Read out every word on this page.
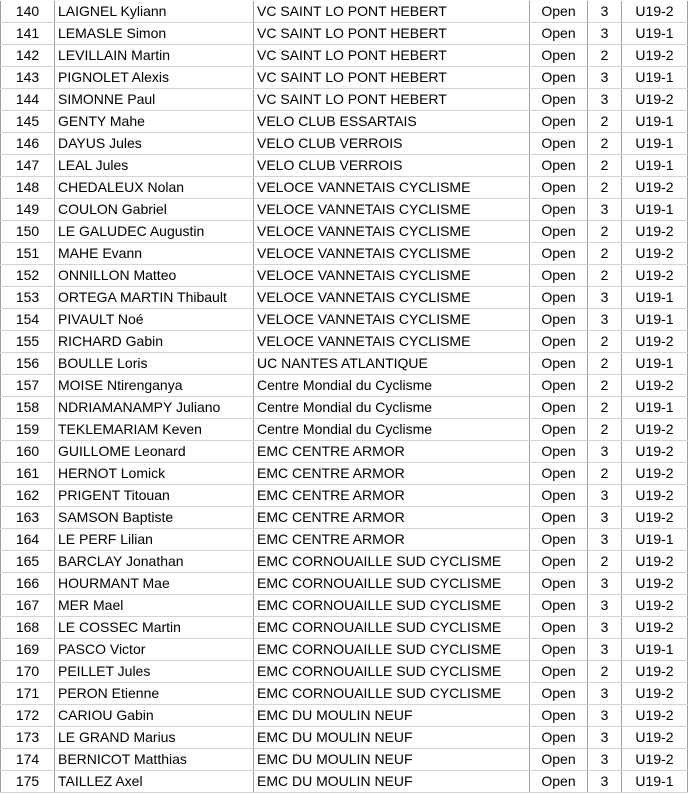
140	LAIGNEL Kyliann	VC SAINT LO PONT HEBERT	Open	3	U19-2
141	LEMASLE Simon	VC SAINT LO PONT HEBERT	Open	3	U19-1
142	LEVILLAIN Martin	VC SAINT LO PONT HEBERT	Open	2	U19-2
143	PIGNOLET Alexis	VC SAINT LO PONT HEBERT	Open	3	U19-1
144	SIMONNE Paul	VC SAINT LO PONT HEBERT	Open	3	U19-2
145	GENTY Mahe	VELO CLUB ESSARTAIS	Open	2	U19-1
146	DAYUS Jules	VELO CLUB VERROIS	Open	2	U19-1
147	LEAL Jules	VELO CLUB VERROIS	Open	2	U19-1
148	CHEDALEUX Nolan	VELOCE VANNETAIS CYCLISME	Open	2	U19-2
149	COULON Gabriel	VELOCE VANNETAIS CYCLISME	Open	3	U19-1
150	LE GALUDEC Augustin	VELOCE VANNETAIS CYCLISME	Open	2	U19-2
151	MAHE Evann	VELOCE VANNETAIS CYCLISME	Open	2	U19-2
152	ONNILLON Matteo	VELOCE VANNETAIS CYCLISME	Open	2	U19-2
153	ORTEGA MARTIN Thibault	VELOCE VANNETAIS CYCLISME	Open	3	U19-1
154	PIVAULT Noé	VELOCE VANNETAIS CYCLISME	Open	3	U19-1
155	RICHARD Gabin	VELOCE VANNETAIS CYCLISME	Open	2	U19-2
156	BOULLE Loris	UC NANTES ATLANTIQUE	Open	2	U19-1
157	MOISE Ntirenganya	Centre Mondial du Cyclisme	Open	2	U19-2
158	NDRIAMANAMPY Juliano	Centre Mondial du Cyclisme	Open	2	U19-1
159	TEKLEMARIAM Keven	Centre Mondial du Cyclisme	Open	2	U19-2
160	GUILLOME Leonard	EMC CENTRE ARMOR	Open	3	U19-2
161	HERNOT Lomick	EMC CENTRE ARMOR	Open	2	U19-2
162	PRIGENT Titouan	EMC CENTRE ARMOR	Open	3	U19-2
163	SAMSON Baptiste	EMC CENTRE ARMOR	Open	3	U19-2
164	LE PERF Lilian	EMC CENTRE ARMOR	Open	3	U19-1
165	BARCLAY Jonathan	EMC CORNOUAILLE SUD CYCLISME	Open	2	U19-2
166	HOURMANT Mae	EMC CORNOUAILLE SUD CYCLISME	Open	3	U19-2
167	MER Mael	EMC CORNOUAILLE SUD CYCLISME	Open	3	U19-2
168	LE COSSEC Martin	EMC CORNOUAILLE SUD CYCLISME	Open	3	U19-2
169	PASCO Victor	EMC CORNOUAILLE SUD CYCLISME	Open	3	U19-1
170	PEILLET Jules	EMC CORNOUAILLE SUD CYCLISME	Open	2	U19-2
171	PERON Etienne	EMC CORNOUAILLE SUD CYCLISME	Open	3	U19-2
172	CARIOU Gabin	EMC DU MOULIN NEUF	Open	3	U19-2
173	LE GRAND Marius	EMC DU MOULIN NEUF	Open	3	U19-2
174	BERNICOT Matthias	EMC DU MOULIN NEUF	Open	3	U19-2
175	TAILLEZ Axel	EMC DU MOULIN NEUF	Open	3	U19-1
